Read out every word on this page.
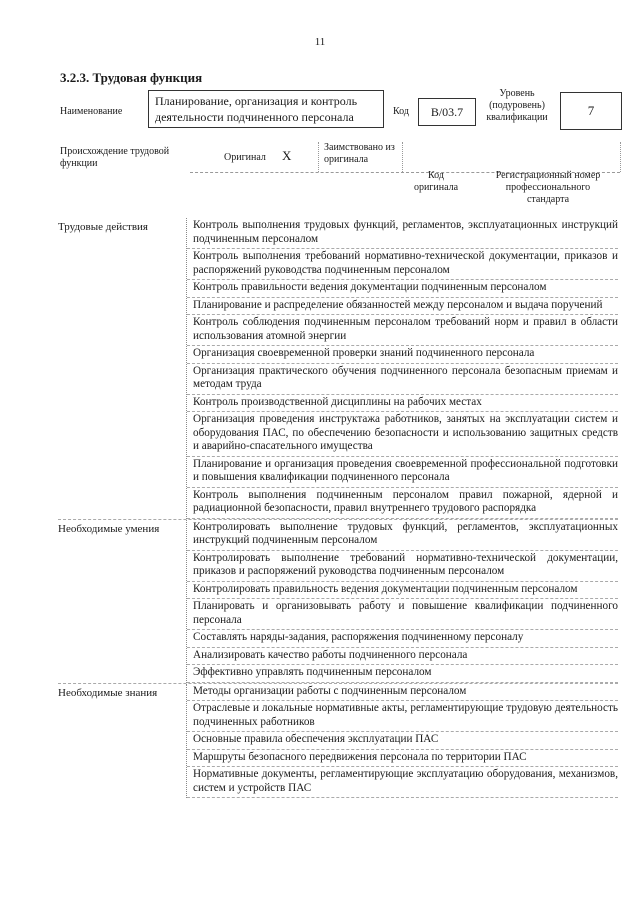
11
3.2.3. Трудовая функция
Наименование
Планирование, организация и контроль деятельности подчиненного персонала	Код	B/03.7
Уровень (подуровень) квалификации	7
Происхождение трудовой функции
Оригинал X
Заимствовано из оригинала
Код оригинала
Регистрационный номер профессионального стандарта
Трудовые действия	Контроль выполнения трудовых функций, регламентов, эксплуатационных инструкций подчиненным персоналом
Контроль выполнения требований нормативно-технической документации, приказов и распоряжений руководства подчиненным персоналом
Контроль правильности ведения документации подчиненным персоналом
Планирование и распределение обязанностей между персоналом и выдача поручений
Контроль соблюдения подчиненным персоналом требований норм и правил в области использования атомной энергии
Организация своевременной проверки знаний подчиненного персонала
Организация практического обучения подчиненного персонала безопасным приемам и методам труда
Контроль производственной дисциплины на рабочих местах
Организация проведения инструктажа работников, занятых на эксплуатации систем и оборудования ПАС, по обеспечению безопасности и использованию защитных средств и аварийно-спасательного имущества
Планирование и организация проведения своевременной профессиональной подготовки и повышения квалификации подчиненного персонала
Контроль выполнения подчиненным персоналом правил пожарной, ядерной и радиационной безопасности, правил внутреннего трудового распорядка
Необходимые умения	Контролировать выполнение трудовых функций, регламентов, эксплуатационных инструкций подчиненным персоналом
Контролировать выполнение требований нормативно-технической документации, приказов и распоряжений руководства подчиненным персоналом
Контролировать правильность ведения документации подчиненным персоналом
Планировать и организовывать работу и повышение квалификации подчиненного персонала
Составлять наряды-задания, распоряжения подчиненному персоналу
Анализировать качество работы подчиненного персонала
Эффективно управлять подчиненным персоналом
Необходимые знания	Методы организации работы с подчиненным персоналом
Отраслевые и локальные нормативные акты, регламентирующие трудовую деятельность подчиненных работников
Основные правила обеспечения эксплуатации ПАС
Маршруты безопасного передвижения персонала по территории ПАС
Нормативные документы, регламентирующие эксплуатацию оборудования, механизмов, систем и устройств ПАС
